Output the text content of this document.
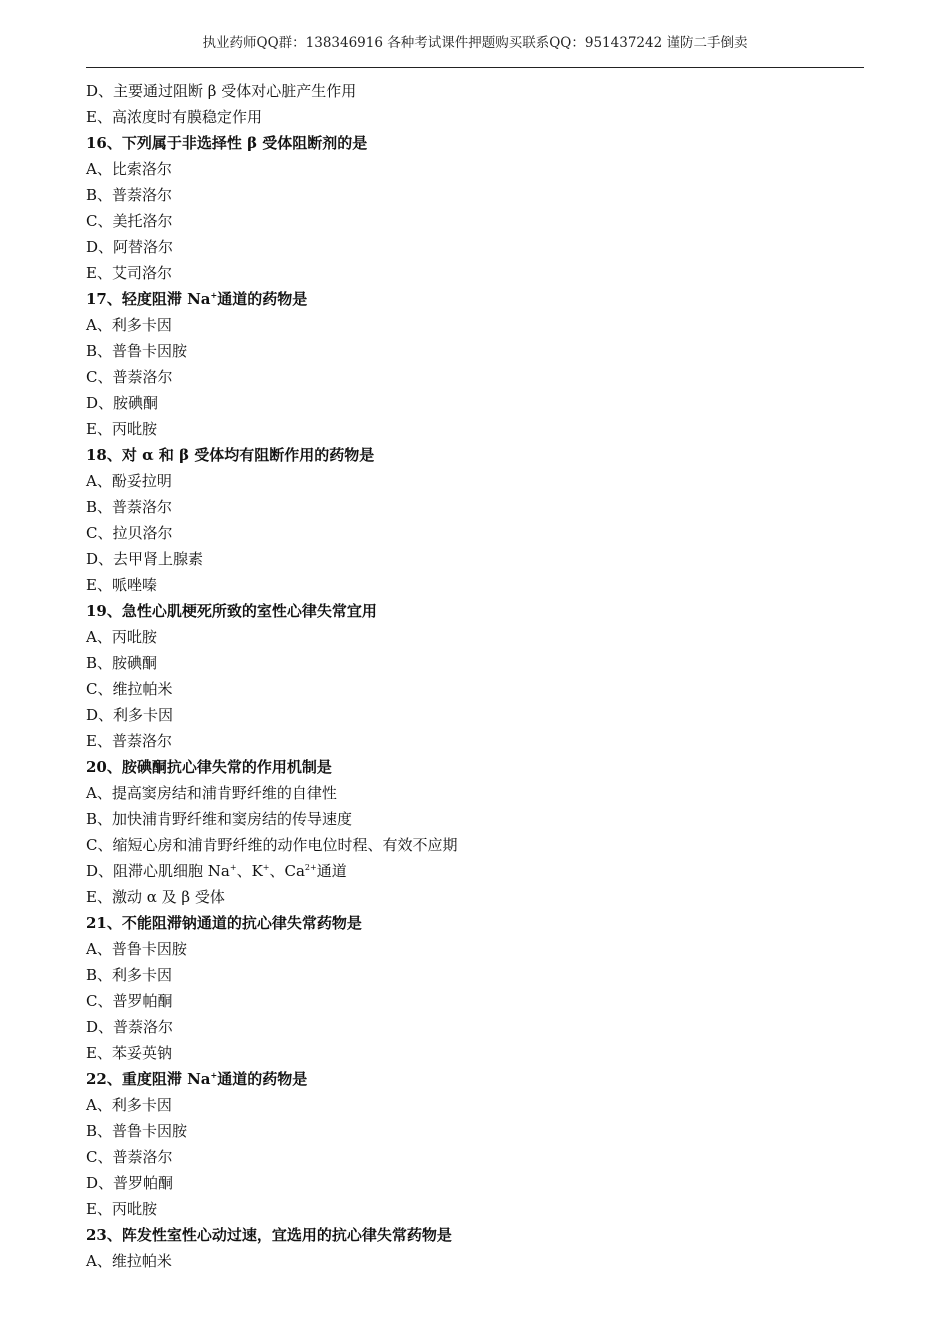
执业药师QQ群：138346916 各种考试课件押题购买联系QQ：951437242 谨防二手倒卖
D、主要通过阻断 β 受体对心脏产生作用
E、高浓度时有膜稳定作用
16、下列属于非选择性 β 受体阻断剂的是
A、比索洛尔
B、普萘洛尔
C、美托洛尔
D、阿替洛尔
E、艾司洛尔
17、轻度阻滞 Na+通道的药物是
A、利多卡因
B、普鲁卡因胺
C、普萘洛尔
D、胺碘酮
E、丙吡胺
18、对 α 和 β 受体均有阻断作用的药物是
A、酚妥拉明
B、普萘洛尔
C、拉贝洛尔
D、去甲肾上腺素
E、哌唑嗪
19、急性心肌梗死所致的室性心律失常宜用
A、丙吡胺
B、胺碘酮
C、维拉帕米
D、利多卡因
E、普萘洛尔
20、胺碘酮抗心律失常的作用机制是
A、提高窦房结和浦肯野纤维的自律性
B、加快浦肯野纤维和窦房结的传导速度
C、缩短心房和浦肯野纤维的动作电位时程、有效不应期
D、阻滞心肌细胞 Na+、K+、$Ca^{2+}$通道
E、激动 α 及 β 受体
21、不能阻滞钠通道的抗心律失常药物是
A、普鲁卡因胺
B、利多卡因
C、普罗帕酮
D、普萘洛尔
E、苯妥英钠
22、重度阻滞 Na+通道的药物是
A、利多卡因
B、普鲁卡因胺
C、普萘洛尔
D、普罗帕酮
E、丙吡胺
23、阵发性室性心动过速，宜选用的抗心律失常药物是
A、维拉帕米
